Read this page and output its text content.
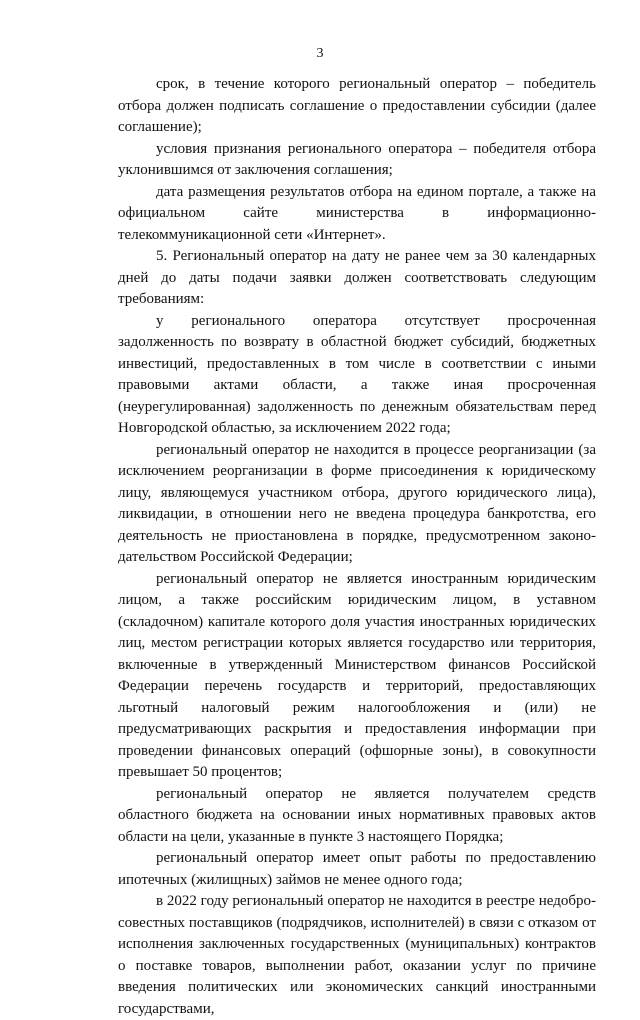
3

срок, в течение которого региональный оператор – победитель отбора должен подписать соглашение о предоставлении субсидии (далее соглашение);

условия признания регионального оператора – победителя отбора уклонившимся от заключения соглашения;

дата размещения результатов отбора на едином портале, а также на официальном сайте министерства в информационно-телекоммуникационной сети «Интернет».

5. Региональный оператор на дату не ранее чем за 30 календарных дней до даты подачи заявки должен соответствовать следующим требованиям:

у регионального оператора отсутствует просроченная задолженность по возврату в областной бюджет субсидий, бюджетных инвестиций, предоставленных в том числе в соответствии с иными правовыми актами области, а также иная просроченная (неурегулированная) задолженность по денежным обязательствам перед Новгородской областью, за исключением 2022 года;

региональный оператор не находится в процессе реорганизации (за исключением реорганизации в форме присоединения к юридическому лицу, являющемуся участником отбора, другого юридического лица), ликвидации, в отношении него не введена процедура банкротства, его деятельность не приостановлена в порядке, предусмотренном законодательством Российской Федерации;

региональный оператор не является иностранным юридическим лицом, а также российским юридическим лицом, в уставном (складочном) капитале которого доля участия иностранных юридических лиц, местом регистрации которых является государство или территория, включенные в утвержденный Министерством финансов Российской Федерации перечень государств и территорий, предоставляющих льготный налоговый режим налогообложения и (или) не предусматривающих раскрытия и предоставления информации при проведении финансовых операций (офшорные зоны), в совокупности превышает 50 процентов;

региональный оператор не является получателем средств областного бюджета на основании иных нормативных правовых актов области на цели, указанные в пункте 3 настоящего Порядка;

региональный оператор имеет опыт работы по предоставлению ипотечных (жилищных) займов не менее одного года;

в 2022 году региональный оператор не находится в реестре недобросовестных поставщиков (подрядчиков, исполнителей) в связи с отказом от исполнения заключенных государственных (муниципальных) контрактов о поставке товаров, выполнении работ, оказании услуг по причине введения политических или экономических санкций иностранными государствами,
